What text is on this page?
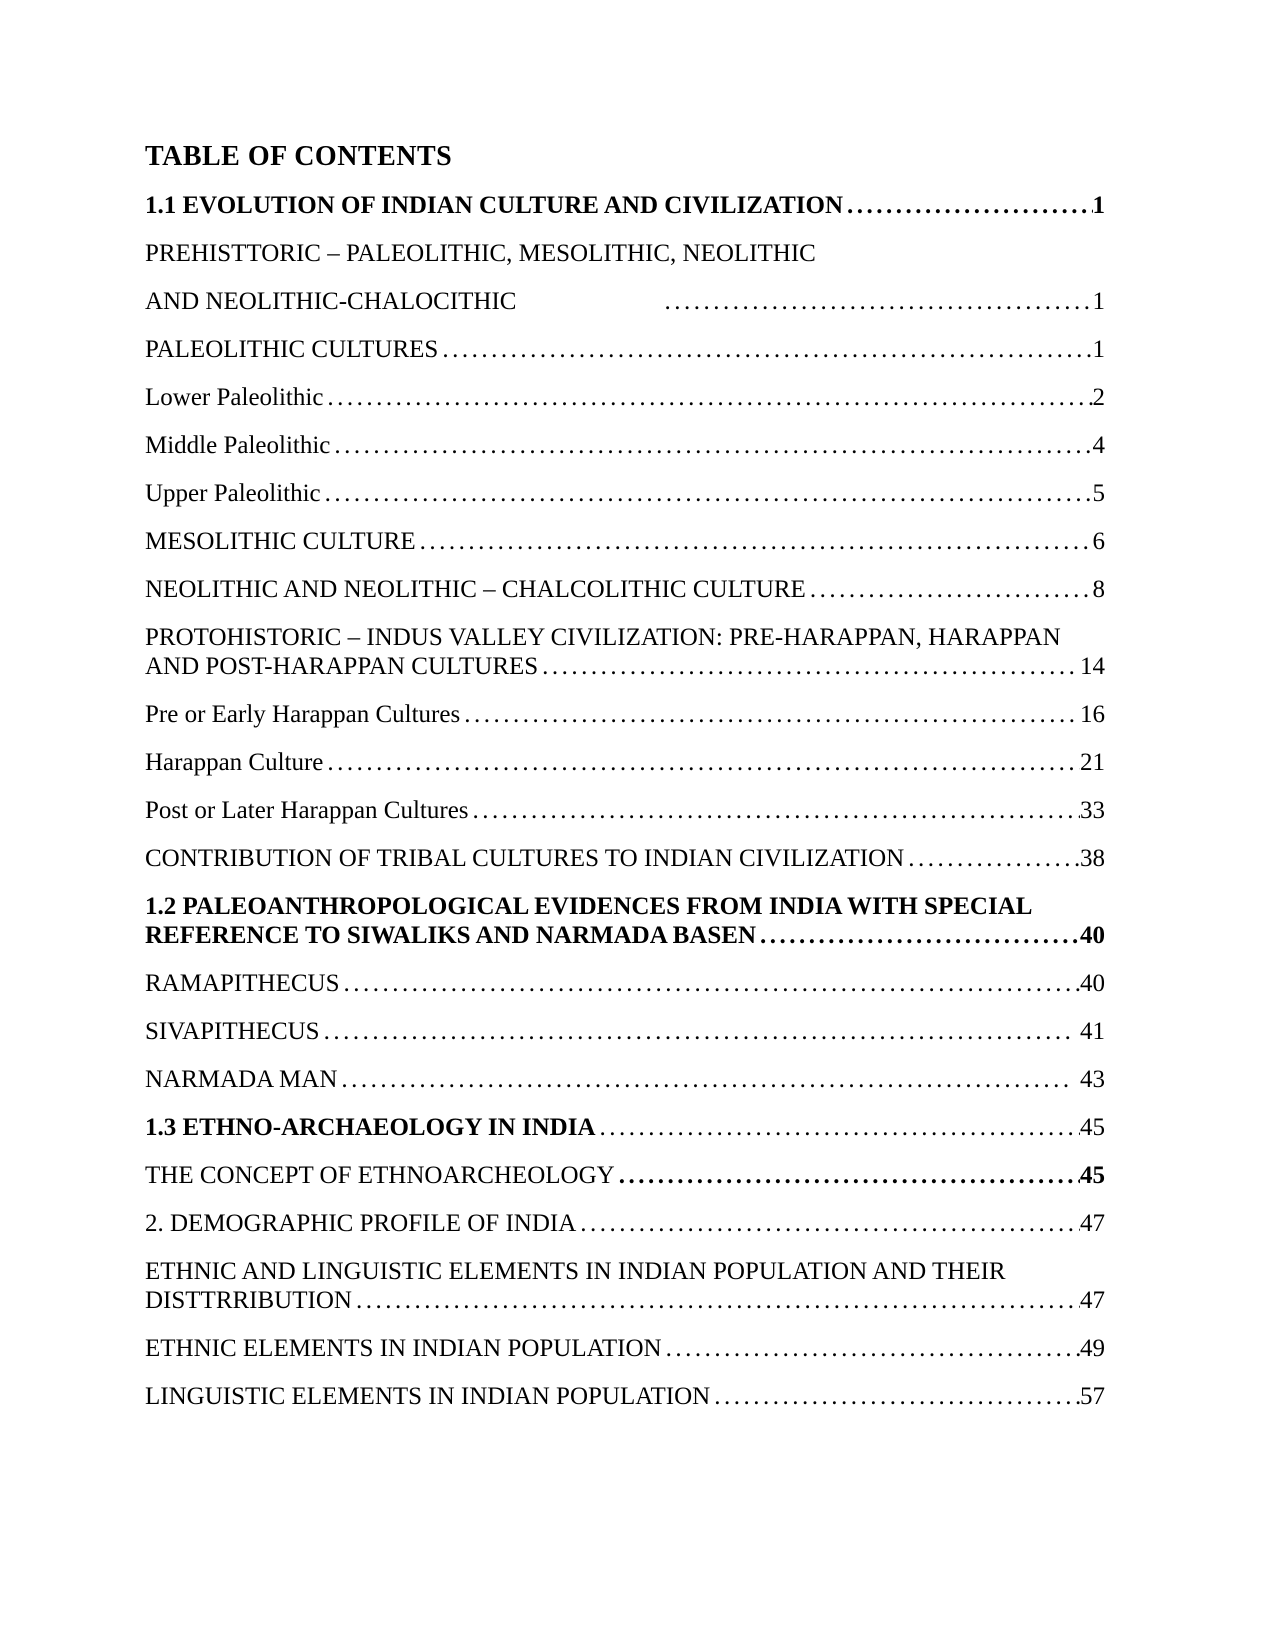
TABLE OF CONTENTS
1.1 EVOLUTION OF INDIAN CULTURE AND CIVILIZATION .....	1
PREHISTTORIC – PALEOLITHIC, MESOLITHIC, NEOLITHIC
AND NEOLITHIC-CHALOCITHIC .....	1
PALEOLITHIC CULTURES .....	1
Lower Paleolithic .....	2
Middle Paleolithic .....	4
Upper Paleolithic .....	5
MESOLITHIC CULTURE .....	6
NEOLITHIC AND NEOLITHIC – CHALCOLITHIC CULTURE .....	8
PROTOHISTORIC – INDUS VALLEY CIVILIZATION: PRE-HARAPPAN, HARAPPAN
AND POST-HARAPPAN CULTURES .....	14
Pre or Early Harappan Cultures .....	16
Harappan Culture .....	21
Post or Later Harappan Cultures .....	33
CONTRIBUTION OF TRIBAL CULTURES TO INDIAN CIVILIZATION .....	38
1.2 PALEOANTHROPOLOGICAL EVIDENCES FROM INDIA WITH SPECIAL
REFERENCE TO SIWALIKS AND NARMADA BASEN .....	40
RAMAPITHECUS .....	40
SIVAPITHECUS .....	41
NARMADA MAN .....	43
1.3 ETHNO-ARCHAEOLOGY IN INDIA .....	45
THE CONCEPT OF ETHNOARCHEOLOGY .....	45
2. DEMOGRAPHIC PROFILE OF INDIA .....	47
ETHNIC AND LINGUISTIC ELEMENTS IN INDIAN POPULATION AND THEIR
DISTTRRIBUTION .....	47
ETHNIC ELEMENTS IN INDIAN POPULATION .....	49
LINGUISTIC ELEMENTS IN INDIAN POPULATION .....	57
